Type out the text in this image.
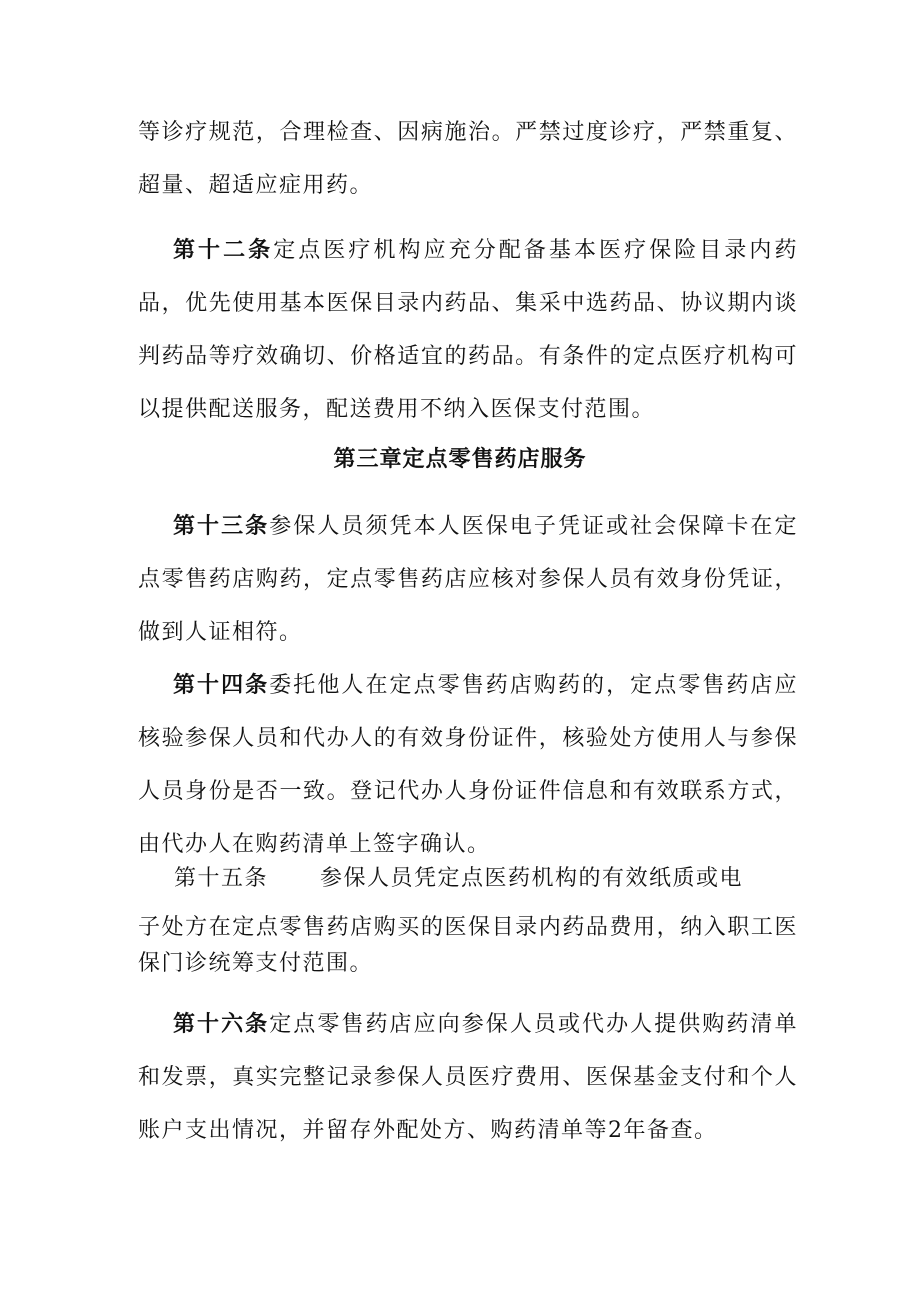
等诊疗规范，合理检查、因病施治。严禁过度诊疗，严禁重复、超量、超适应症用药。

第十二条定点医疗机构应充分配备基本医疗保险目录内药品，优先使用基本医保目录内药品、集采中选药品、协议期内谈判药品等疗效确切、价格适宜的药品。有条件的定点医疗机构可以提供配送服务，配送费用不纳入医保支付范围。

第三章定点零售药店服务

第十三条参保人员须凭本人医保电子凭证或社会保障卡在定点零售药店购药，定点零售药店应核对参保人员有效身份凭证，做到人证相符。

第十四条委托他人在定点零售药店购药的，定点零售药店应核验参保人员和代办人的有效身份证件，核验处方使用人与参保人员身份是否一致。登记代办人身份证件信息和有效联系方式，由代办人在购药清单上签字确认。

第十五条 参保人员凭定点医药机构的有效纸质或电

子处方在定点零售药店购买的医保目录内药品费用，纳入职工医保门诊统筹支付范围。

第十六条定点零售药店应向参保人员或代办人提供购药清单和发票，真实完整记录参保人员医疗费用、医保基金支付和个人账户支出情况，并留存外配处方、购药清单等2年备查。
